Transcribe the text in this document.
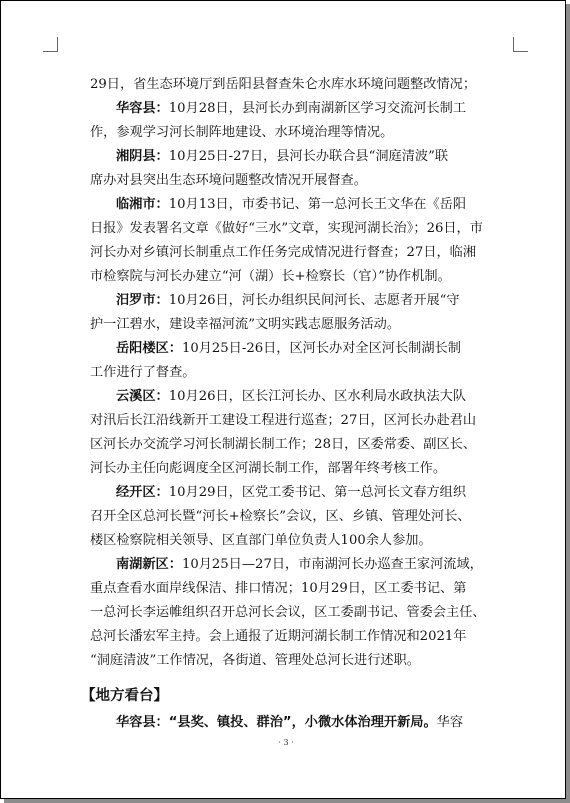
29日，省生态环境厅到岳阳县督查朱仑水库水环境问题整改情况；
华容县：10月28日，县河长办到南湖新区学习交流河长制工
作，参观学习河长制阵地建设、水环境治理等情况。
湘阴县：10月25日-27日，县河长办联合县“洞庭清波”联
席办对县突出生态环境问题整改情况开展督查。
临湘市：10月13日，市委书记、第一总河长王文华在《岳阳
日报》发表署名文章《做好“三水”文章，实现河湖长治》；26日，市
河长办对乡镇河长制重点工作任务完成情况进行督查；27日，临湘
市检察院与河长办建立“河（湖）长+检察长（官）”协作机制。
汨罗市：10月26日，河长办组织民间河长、志愿者开展“守
护一江碧水，建设幸福河流”文明实践志愿服务活动。
岳阳楼区：10月25日-26日，区河长办对全区河长制湖长制
工作进行了督查。
云溪区：10月26日，区长江河长办、区水利局水政执法大队
对汛后长江沿线新开工建设工程进行巡查；27日，区河长办赴君山
区河长办交流学习河长制湖长制工作；28日，区委常委、副区长、
河长办主任向彪调度全区河湖长制工作，部署年终考核工作。
经开区：10月29日，区党工委书记、第一总河长文春方组织
召开全区总河长暨“河长+检察长”会议，区、乡镇、管理处河长、
楼区检察院相关领导、区直部门单位负责人100余人参加。
南湖新区：10月25日—27日，市南湖河长办巡查王家河流域，
重点查看水面岸线保洁、排口情况；10月29日，区工委书记、第
一总河长李运帷组织召开总河长会议，区工委副书记、管委会主任、
总河长潘宏军主持。会上通报了近期河湖长制工作情况和2021年
“洞庭清波”工作情况，各街道、管理处总河长进行述职。
【地方看台】
华容县：“县奖、镇投、群治”，小微水体治理开新局。华容
· 3 ·
